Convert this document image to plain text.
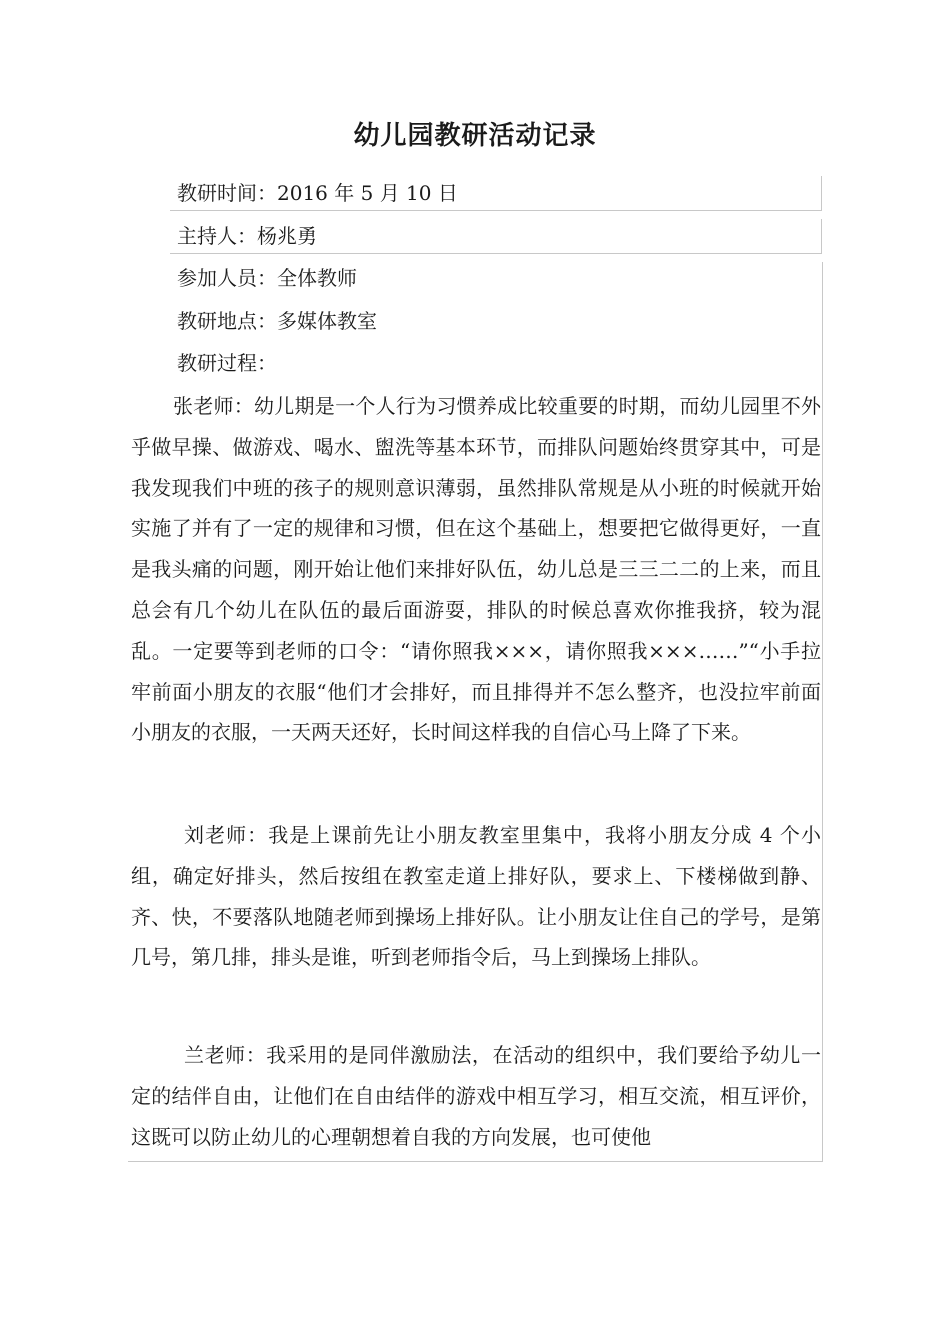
幼儿园教研活动记录
教研时间：2016 年 5 月 10 日
主持人：杨兆勇
参加人员：全体教师
教研地点：多媒体教室
教研过程：

张老师：幼儿期是一个人行为习惯养成比较重要的时期，而幼儿园里不外乎做早操、做游戏、喝水、盥洗等基本环节，而排队问题始终贯穿其中，可是我发现我们中班的孩子的规则意识薄弱，虽然排队常规是从小班的时候就开始实施了并有了一定的规律和习惯，但在这个基础上，想要把它做得更好，一直是我头痛的问题，刚开始让他们来排好队伍，幼儿总是三三二二的上来，而且总会有几个幼儿在队伍的最后面游耍，排队的时候总喜欢你推我挤，较为混乱。一定要等到老师的口令：“请你照我×××，请你照我×××……”“小手拉牢前面小朋友的衣服“他们才会排好，而且排得并不怎么整齐，也没拉牢前面小朋友的衣服，一天两天还好，长时间这样我的自信心马上降了下来。

刘老师：我是上课前先让小朋友教室里集中，我将小朋友分成 4 个小组，确定好排头，然后按组在教室走道上排好队，要求上、下楼梯做到静、齐、快，不要落队地随老师到操场上排好队。让小朋友让住自己的学号，是第几号，第几排，排头是谁，听到老师指令后，马上到操场上排队。

兰老师：我采用的是同伴激励法，在活动的组织中，我们要给予幼儿一定的结伴自由，让他们在自由结伴的游戏中相互学习，相互交流，相互评价，这既可以防止幼儿的心理朝想着自我的方向发展，也可使他
